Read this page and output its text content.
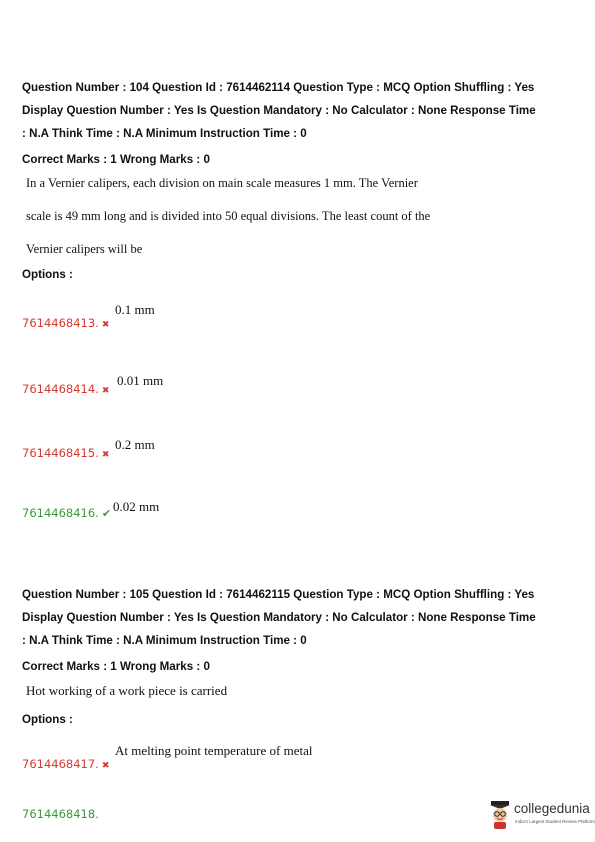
Question Number : 104 Question Id : 7614462114 Question Type : MCQ Option Shuffling : Yes
Display Question Number : Yes Is Question Mandatory : No Calculator : None Response Time
: N.A Think Time : N.A Minimum Instruction Time : 0
Correct Marks : 1 Wrong Marks : 0
In a Vernier calipers, each division on main scale measures 1 mm. The Vernier
scale is 49 mm long and is divided into 50 equal divisions. The least count of the
Vernier calipers will be
Options :
7614468413. ✖
0.1 mm
7614468414. ✖
0.01 mm
7614468415. ✖
0.2 mm
7614468416. ✔ 0.02 mm
Question Number : 105 Question Id : 7614462115 Question Type : MCQ Option Shuffling : Yes
Display Question Number : Yes Is Question Mandatory : No Calculator : None Response Time
: N.A Think Time : N.A Minimum Instruction Time : 0
Correct Marks : 1 Wrong Marks : 0
Hot working of a work piece is carried
Options :
7614468417. ✖
At melting point temperature of metal
7614468418.	collegedunia
India's Largest Student Review Platform
